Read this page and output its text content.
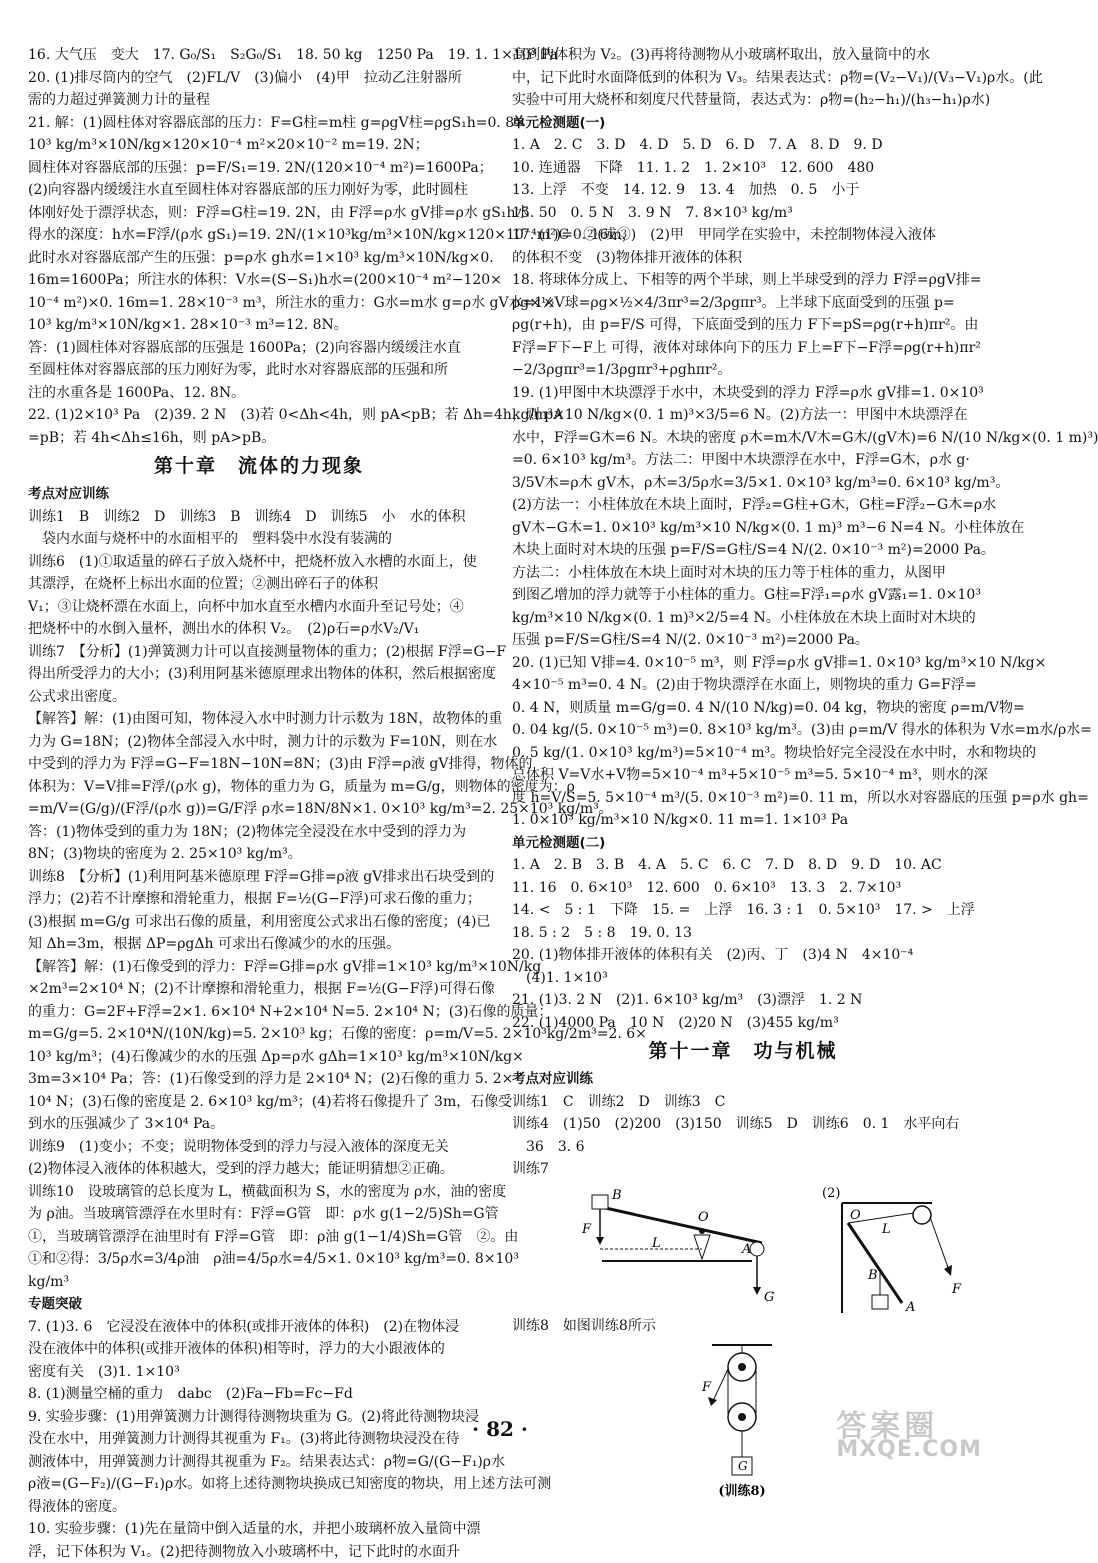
16. 大气压　变大　17. G₀/S₁　S₂G₀/S₁　18. 50 kg　1250 Pa　19. 1. 1×10³ Pa
20. (1)排尽筒内的空气　(2)FL/V　(3)偏小　(4)甲　拉动乙注射器所
需的力超过弹簧测力计的量程
21. 解：(1)圆柱体对容器底部的压力：F=G柱=m柱 g=ρgV柱=ρgS₁h=0. 8×
10³ kg/m³×10N/kg×120×10⁻⁴ m²×20×10⁻² m=19. 2N；
圆柱体对容器底部的压强：p=F/S₁=19. 2N/(120×10⁻⁴ m²)=1600Pa；
(2)向容器内缓缓注水直至圆柱体对容器底部的压力刚好为零，此时圆柱
体刚好处于漂浮状态，则：F浮=G柱=19. 2N，由 F浮=ρ水 gV排=ρ水 gS₁h水
得水的深度：h水=F浮/(ρ水 gS₁)=19. 2N/(1×10³kg/m³×10N/kg×120×10⁻⁴m²)=0. 16m，
此时水对容器底部产生的压强：p=ρ水 gh水=1×10³ kg/m³×10N/kg×0.
16m=1600Pa；所注水的体积：V水=(S−S₁)h水=(200×10⁻⁴ m²−120×
10⁻⁴ m²)×0. 16m=1. 28×10⁻³ m³，所注水的重力：G水=m水 g=ρ水 gV水=1×
10³ kg/m³×10N/kg×1. 28×10⁻³ m³=12. 8N。
答：(1)圆柱体对容器底部的压强是 1600Pa；(2)向容器内缓缓注水直
至圆柱体对容器底部的压力刚好为零，此时水对容器底部的压强和所
注的水重各是 1600Pa、12. 8N。
22. (1)2×10³ Pa　(2)39. 2 N　(3)若 0<Δh<4h，则 pA<pB；若 Δh=4h，则 pA
=pB；若 4h<Δh≤16h，则 pA>pB。
第十章　流体的力现象
考点对应训练
训练1　B　训练2　D　训练3　B　训练4　D　训练5　小　水的体积
　袋内水面与烧杯中的水面相平的　塑料袋中水没有装满的
训练6　(1)①取适量的碎石子放入烧杯中，把烧杯放入水槽的水面上，使
其漂浮，在烧杯上标出水面的位置；②测出碎石子的体积
V₁；③让烧杯漂在水面上，向杯中加水直至水槽内水面升至记号处；④
把烧杯中的水倒入量杯，测出水的体积 V₂。　(2)ρ石=ρ水V₂/V₁
训练7　【分析】(1)弹簧测力计可以直接测量物体的重力；(2)根据 F浮=G−F
得出所受浮力的大小；(3)利用阿基米德原理求出物体的体积，然后根据密度
公式求出密度。
【解答】解：(1)由图可知，物体浸入水中时测力计示数为 18N，故物体的重
力为 G=18N；(2)物体全部浸入水中时，测力计的示数为 F=10N，则在水
中受到的浮力为 F浮=G−F=18N−10N=8N；(3)由 F浮=ρ液 gV排得，物体的
体积为：V=V排=F浮/(ρ水 g)，物体的重力为 G，质量为 m=G/g，则物体的密度为：ρ
=m/V=(G/g)/(F浮/(ρ水 g))=G/F浮 ρ水=18N/8N×1. 0×10³ kg/m³=2. 25×10³ kg/m³。
答：(1)物体受到的重力为 18N；(2)物体完全浸没在水中受到的浮力为
8N；(3)物块的密度为 2. 25×10³ kg/m³。
训练8　【分析】(1)利用阿基米德原理 F浮=G排=ρ液 gV排求出石块受到的
浮力；(2)若不计摩擦和滑轮重力，根据 F=½(G−F浮)可求石像的重力；
(3)根据 m=G/g 可求出石像的质量，利用密度公式求出石像的密度；(4)已
知 Δh=3m，根据 ΔP=ρgΔh 可求出石像减少的水的压强。
【解答】解：(1)石像受到的浮力：F浮=G排=ρ水 gV排=1×10³ kg/m³×10N/kg
×2m³=2×10⁴ N；(2)不计摩擦和滑轮重力，根据 F=½(G−F浮)可得石像
的重力：G=2F+F浮=2×1. 6×10⁴ N+2×10⁴ N=5. 2×10⁴ N；(3)石像的质量：
m=G/g=5. 2×10⁴N/(10N/kg)=5. 2×10³ kg；石像的密度：ρ=m/V=5. 2×10³kg/2m³=2. 6×
10³ kg/m³；(4)石像减少的水的压强 Δp=ρ水 gΔh=1×10³ kg/m³×10N/kg×
3m=3×10⁴ Pa；答：(1)石像受到的浮力是 2×10⁴ N；(2)石像的重力 5. 2×
10⁴ N；(3)石像的密度是 2. 6×10³ kg/m³；(4)若将石像提升了 3m，石像受
到水的压强减少了 3×10⁴ Pa。
训练9　(1)变小；不变；说明物体受到的浮力与浸入液体的深度无关
(2)物体浸入液体的体积越大，受到的浮力越大；能证明猜想②正确。
训练10　设玻璃管的总长度为 L，横截面积为 S，水的密度为 ρ水，油的密度
为 ρ油。当玻璃管漂浮在水里时有：F浮=G管　即：ρ水 g(1−2/5)Sh=G管
①，当玻璃管漂浮在油里时有 F浮=G管　即：ρ油 g(1−1/4)Sh=G管　②。由
①和②得：3/5ρ水=3/4ρ油　ρ油=4/5ρ水=4/5×1. 0×10³ kg/m³=0. 8×10³
kg/m³
专题突破
7. (1)3. 6　它浸没在液体中的体积(或排开液体的体积)　(2)在物体浸
没在液体中的体积(或排开液体的体积)相等时，浮力的大小跟液体的
密度有关　(3)1. 1×10³
8. (1)测量空桶的重力　dabc　(2)Fa−Fb=Fc−Fd
9. 实验步骤：(1)用弹簧测力计测得待测物块重为 G。(2)将此待测物块浸
没在水中，用弹簧测力计测得其视重为 F₁。(3)将此待测物块浸没在待
测液体中，用弹簧测力计测得其视重为 F₂。结果表达式：ρ物=G/(G−F₁)ρ水
ρ液=(G−F₂)/(G−F₁)ρ水。如将上述待测物块换成已知密度的物块，用上述方法可测
得液体的密度。
10. 实验步骤：(1)先在量筒中倒入适量的水，并把小玻璃杯放入量筒中漂
浮，记下体积为 V₁。(2)把待测物放入小玻璃杯中，记下此时的水面升
高到的体积为 V₂。(3)再将待测物从小玻璃杯取出，放入量筒中的水
中，记下此时水面降低到的体积为 V₃。结果表达式：ρ物=(V₂−V₁)/(V₃−V₁)ρ水。(此
实验中可用大烧杯和刻度尺代替量筒，表达式为：ρ物=(h₂−h₁)/(h₃−h₁)ρ水)
单元检测题(一)
1. A　2. C　3. D　4. D　5. D　6. D　7. A　8. D　9. D
10. 连通器　下降　11. 1. 2　1. 2×10³　12. 600　480
13. 上浮　不变　14. 12. 9　13. 4　加热　0. 5　小于
15. 50　0. 5 N　3. 9 N　7. 8×10³ kg/m³
17. (1)C　②(或③)　(2)甲　甲同学在实验中，未控制物体浸入液体
的体积不变　(3)物体排开液体的体积
18. 将球体分成上、下相等的两个半球，则上半球受到的浮力 F浮=ρgV排=
ρg×½V球=ρg×½×4/3πr³=2/3ρgπr³。上半球下底面受到的压强 p=
ρg(r+h)，由 p=F/S 可得，下底面受到的压力 F下=pS=ρg(r+h)πr²。由
F浮=F下−F上 可得，液体对球体向下的压力 F上=F下−F浮=ρg(r+h)πr²
−2/3ρgπr³=1/3ρgπr³+ρghπr²。
19. (1)甲图中木块漂浮于水中，木块受到的浮力 F浮=ρ水 gV排=1. 0×10³
kg/m³×10 N/kg×(0. 1 m)³×3/5=6 N。(2)方法一：甲图中木块漂浮在
水中，F浮=G木=6 N。木块的密度 ρ木=m木/V木=G木/(gV木)=6 N/(10 N/kg×(0. 1 m)³)
=0. 6×10³ kg/m³。方法二：甲图中木块漂浮在水中，F浮=G木，ρ水 g·
3/5V木=ρ木 gV木，ρ木=3/5ρ水=3/5×1. 0×10³ kg/m³=0. 6×10³ kg/m³。
(2)方法一：小柱体放在木块上面时，F浮₂=G柱+G木，G柱=F浮₂−G木=ρ水
gV木−G木=1. 0×10³ kg/m³×10 N/kg×(0. 1 m)³ m³−6 N=4 N。小柱体放在
木块上面时对木块的压强 p=F/S=G柱/S=4 N/(2. 0×10⁻³ m²)=2000 Pa。
方法二：小柱体放在木块上面时对木块的压力等于柱体的重力，从图甲
到图乙增加的浮力就等于小柱体的重力。G柱=F浮₁=ρ水 gV露₁=1. 0×10³
kg/m³×10 N/kg×(0. 1 m)³×2/5=4 N。小柱体放在木块上面时对木块的
压强 p=F/S=G柱/S=4 N/(2. 0×10⁻³ m²)=2000 Pa。
20. (1)已知 V排=4. 0×10⁻⁵ m³，则 F浮=ρ水 gV排=1. 0×10³ kg/m³×10 N/kg×
4×10⁻⁵ m³=0. 4 N。(2)由于物块漂浮在水面上，则物块的重力 G=F浮=
0. 4 N，则质量 m=G/g=0. 4 N/(10 N/kg)=0. 04 kg，物块的密度 ρ=m/V物=
0. 04 kg/(5. 0×10⁻⁵ m³)=0. 8×10³ kg/m³。(3)由 ρ=m/V 得水的体积为 V水=m水/ρ水=
0. 5 kg/(1. 0×10³ kg/m³)=5×10⁻⁴ m³。物块恰好完全浸没在水中时，水和物块的
总体积 V=V水+V物=5×10⁻⁴ m³+5×10⁻⁵ m³=5. 5×10⁻⁴ m³，则水的深
度 h=V/S=5. 5×10⁻⁴ m³/(5. 0×10⁻³ m²)=0. 11 m，所以水对容器底的压强 p=ρ水 gh=
1. 0×10³ kg/m³×10 N/kg×0. 11 m=1. 1×10³ Pa
单元检测题(二)
1. A　2. B　3. B　4. A　5. C　6. C　7. D　8. D　9. D　10. AC
11. 16　0. 6×10³　12. 600　0. 6×10³　13. 3　2. 7×10³
14. <　5 : 1　下降　15. =　上浮　16. 3 : 1　0. 5×10³　17. >　上浮
18. 5 : 2　5 : 8　19. 0. 13
20. (1)物体排开液体的体积有关　(2)丙、丁　(3)4 N　4×10⁻⁴
　(4)1. 1×10³
21. (1)3. 2 N　(2)1. 6×10³ kg/m³　(3)漂浮　1. 2 N
22. (1)4000 Pa　10 N　(2)20 N　(3)455 kg/m³
第十一章　功与机械
考点对应训练
训练1　C　训练2　D　训练3　C
训练4　(1)50　(2)200　(3)150　训练5　D　训练6　0. 1　水平向右
　36　3. 6
训练7
B
F
O
L	A
G
(2)
O
L
B
A
F
训练8　如图训练8所示
G
F
(训练8)
· 82 ·	答案圈
MXQE.COM
